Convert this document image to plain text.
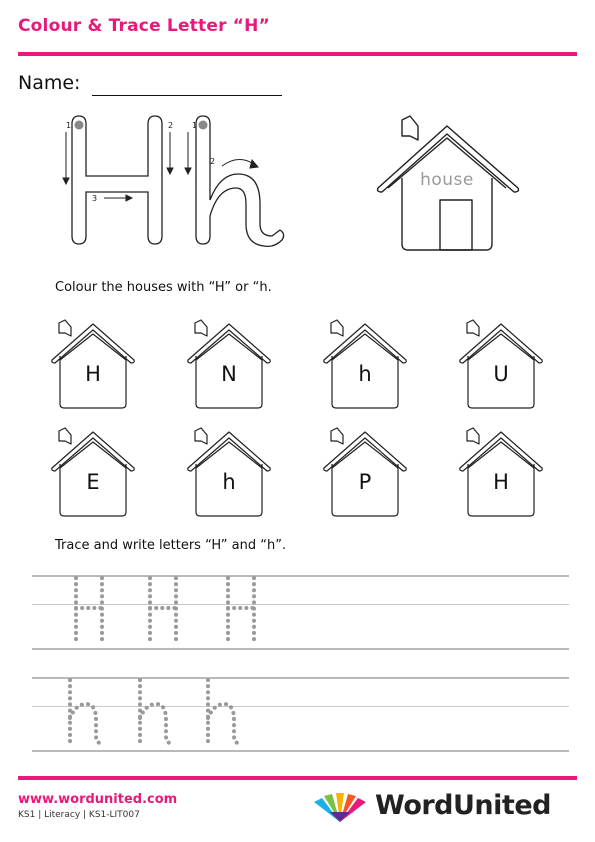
Colour & Trace Letter “H”
Name:
1	2
3
1
2
house
Colour the houses with “H” or “h.
H	N	h	U
E	h	P	H
Trace and write letters “H” and “h”.
www.wordunited.com
KS1 | Literacy | KS1-LIT007	WordUnited
